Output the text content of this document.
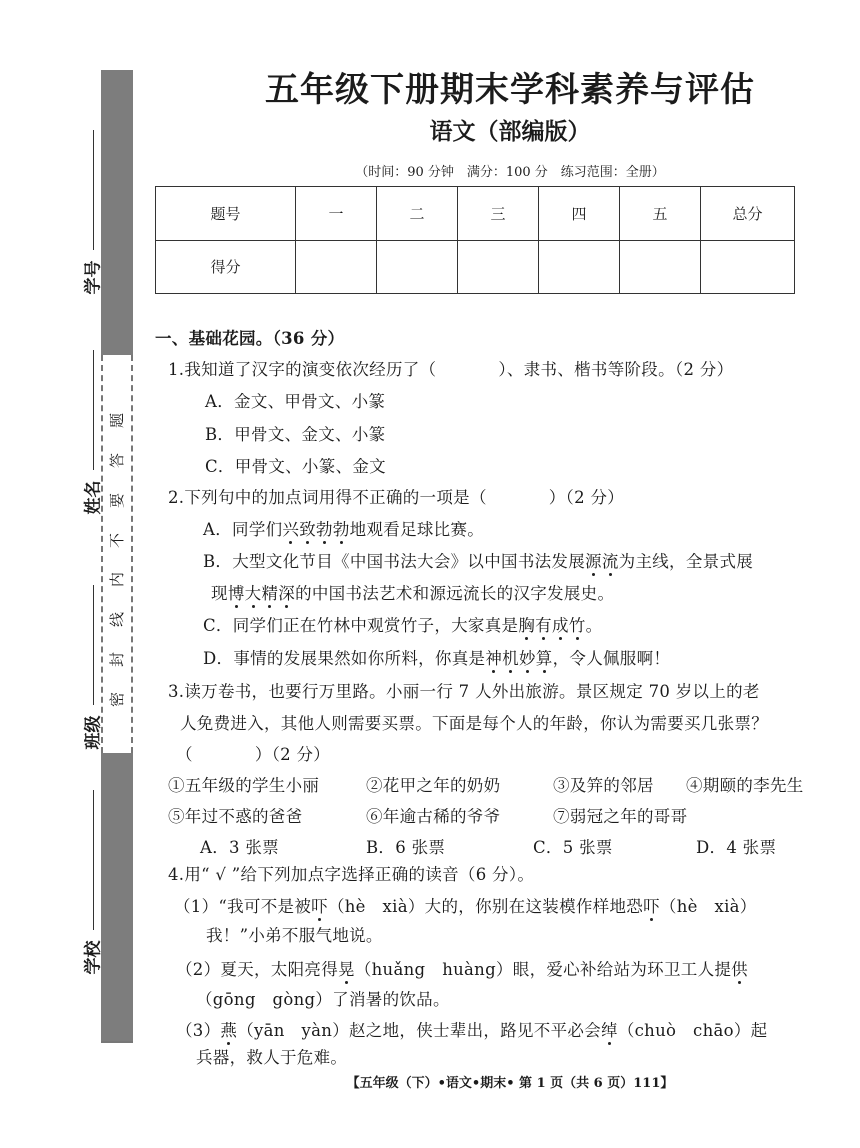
题
答
要
不
内
线
封
密
学号
姓名
班级
学校
五年级下册期末学科素养与评估
语文（部编版）
（时间：90 分钟　满分：100 分　练习范围：全册）
题号	一	二	三	四	五	总分
得分						
一、基础花园。（36 分）
1.我知道了汉字的演变依次经历了（	）、隶书、楷书等阶段。（2 分）
A．金文、甲骨文、小篆
B．甲骨文、金文、小篆
C．甲骨文、小篆、金文
2.下列句中的加点词用得不正确的一项是（	）（2 分）
A．同学们兴致勃勃地观看足球比赛。
B．大型文化节目《中国书法大会》以中国书法发展源流为主线，全景式展
现博大精深的中国书法艺术和源远流长的汉字发展史。
C．同学们正在竹林中观赏竹子，大家真是胸有成竹。
D．事情的发展果然如你所料，你真是神机妙算，令人佩服啊！
3.读万卷书，也要行万里路。小丽一行 7 人外出旅游。景区规定 70 岁以上的老
人免费进入，其他人则需要买票。下面是每个人的年龄，你认为需要买几张票？
（	）（2 分）
①五年级的学生小丽	②花甲之年的奶奶	③及笄的邻居 ④期颐的李先生
⑤年过不惑的爸爸	⑥年逾古稀的爷爷	⑦弱冠之年的哥哥
A．3 张票	B．6 张票	C．5 张票	D．4 张票
4.用“ √ ”给下列加点字选择正确的读音（6 分）。
（1）“我可不是被吓（hè　xià）大的，你别在这装模作样地恐吓（hè　xià）
我！”小弟不服气地说。
（2）夏天，太阳亮得晃（huǎng　huàng）眼，爱心补给站为环卫工人提供
（gōng　gòng）了消暑的饮品。
（3）燕（yān　yàn）赵之地，侠士辈出，路见不平必会绰（chuò　chāo）起
兵器，救人于危难。
【五年级（下）•语文•期末• 第 1 页（共 6 页）111】
